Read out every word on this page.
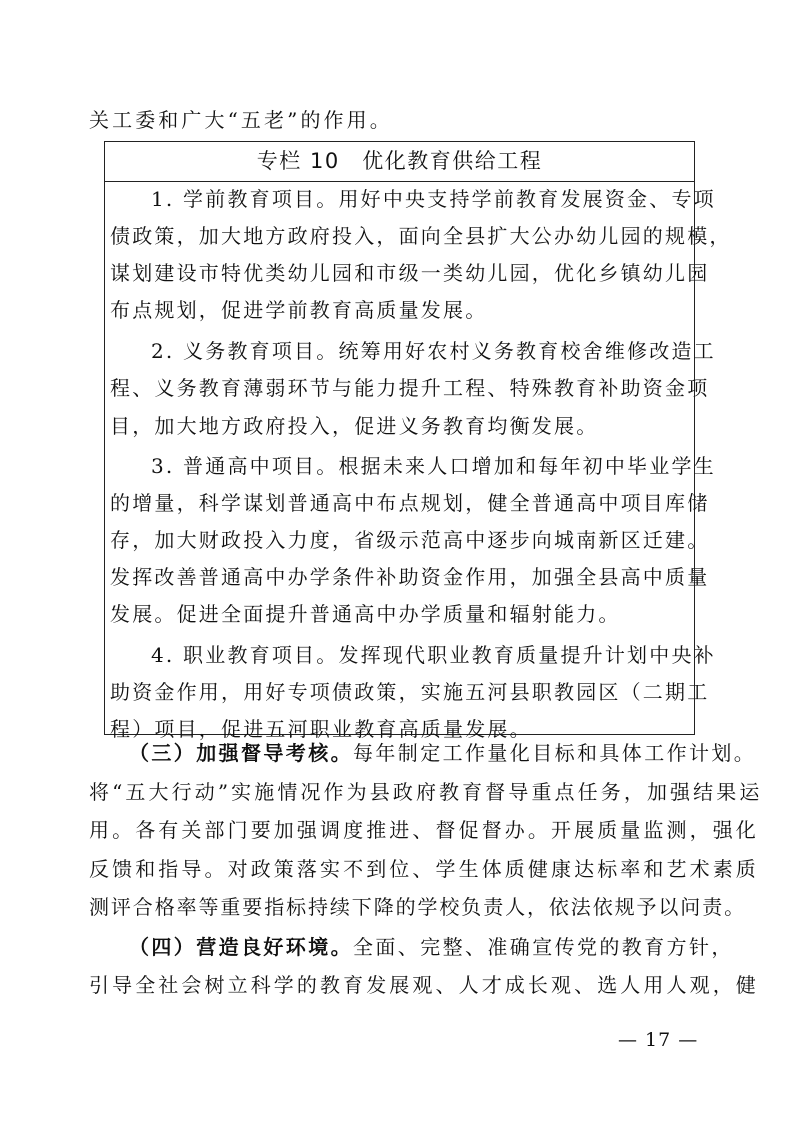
关工委和广大“五老”的作用。
专栏 10　优化教育供给工程
1. 学前教育项目。用好中央支持学前教育发展资金、专项
债政策，加大地方政府投入，面向全县扩大公办幼儿园的规模，
谋划建设市特优类幼儿园和市级一类幼儿园，优化乡镇幼儿园
布点规划，促进学前教育高质量发展。
2. 义务教育项目。统筹用好农村义务教育校舍维修改造工
程、义务教育薄弱环节与能力提升工程、特殊教育补助资金项
目，加大地方政府投入，促进义务教育均衡发展。
3. 普通高中项目。根据未来人口增加和每年初中毕业学生
的增量，科学谋划普通高中布点规划，健全普通高中项目库储
存，加大财政投入力度，省级示范高中逐步向城南新区迁建。
发挥改善普通高中办学条件补助资金作用，加强全县高中质量
发展。促进全面提升普通高中办学质量和辐射能力。
4. 职业教育项目。发挥现代职业教育质量提升计划中央补
助资金作用，用好专项债政策，实施五河县职教园区（二期工
程）项目，促进五河职业教育高质量发展。
（三）加强督导考核。每年制定工作量化目标和具体工作计划。
将“五大行动”实施情况作为县政府教育督导重点任务，加强结果运
用。各有关部门要加强调度推进、督促督办。开展质量监测，强化
反馈和指导。对政策落实不到位、学生体质健康达标率和艺术素质
测评合格率等重要指标持续下降的学校负责人，依法依规予以问责。
（四）营造良好环境。全面、完整、准确宣传党的教育方针，
引导全社会树立科学的教育发展观、人才成长观、选人用人观，健
— 17 —
